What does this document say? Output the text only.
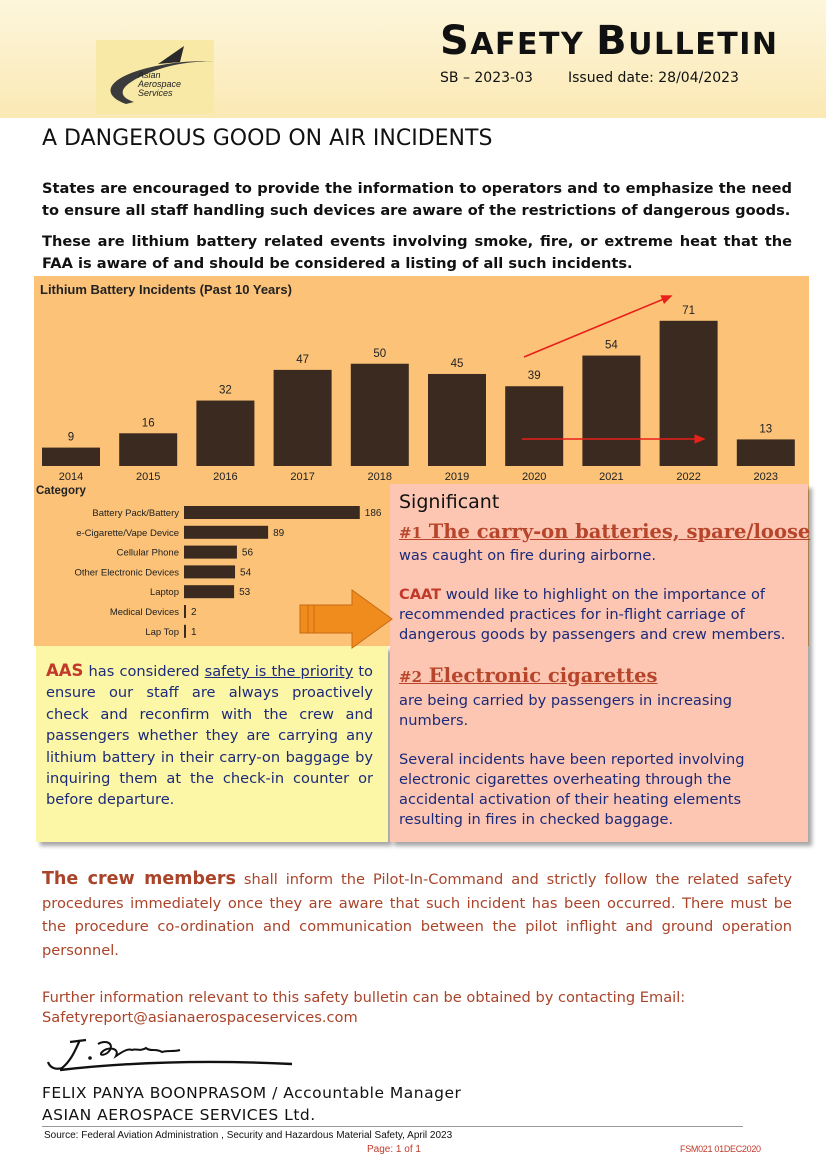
Asian
Aerospace
Services
SAFETY BULLETIN
SB – 2023-03	Issued date: 28/04/2023
A DANGEROUS GOOD ON AIR INCIDENTS
States are encouraged to provide the information to operators and to emphasize the need to ensure all staff handling such devices are aware of the restrictions of dangerous goods.
These are lithium battery related events involving smoke, fire, or extreme heat that the FAA is aware of and should be considered a listing of all such incidents.
9
2014
16
2015
32
2016
47
2017
50
2018
45
2019
39
2020
54
2021
71
2022
13
2023
Battery Pack/Battery	186
e-Cigarette/Vape Device	89
Cellular Phone	56
Other Electronic Devices	54
Laptop	53
Medical Devices 2
Lap Top 1
Lithium Battery Incidents (Past 10 Years)
Category
AAS has considered safety is the priority to ensure our staff are always proactively check and reconfirm with the crew and passengers whether they are carrying any lithium battery in their carry-on baggage by inquiring them at the check-in counter or before departure.
Significant
#1 The carry-on batteries, spare/loose
was caught on fire during airborne.
CAAT would like to highlight on the importance of recommended practices for in-flight carriage of dangerous goods by passengers and crew members.
#2 Electronic cigarettes
are being carried by passengers in increasing numbers.
Several incidents have been reported involving electronic cigarettes overheating through the accidental activation of their heating elements resulting in fires in checked baggage.
The crew members shall inform the Pilot-In-Command and strictly follow the related safety procedures immediately once they are aware that such incident has been occurred. There must be the procedure co-ordination and communication between the pilot inflight and ground operation personnel.
Further information relevant to this safety bulletin can be obtained by contacting Email: Safetyreport@asianaerospaceservices.com
FELIX PANYA BOONPRASOM / Accountable Manager
ASIAN AEROSPACE SERVICES Ltd.
Source: Federal Aviation Administration , Security and Hazardous Material Safety, April 2023
Page: 1 of 1	FSM021 01DEC2020
